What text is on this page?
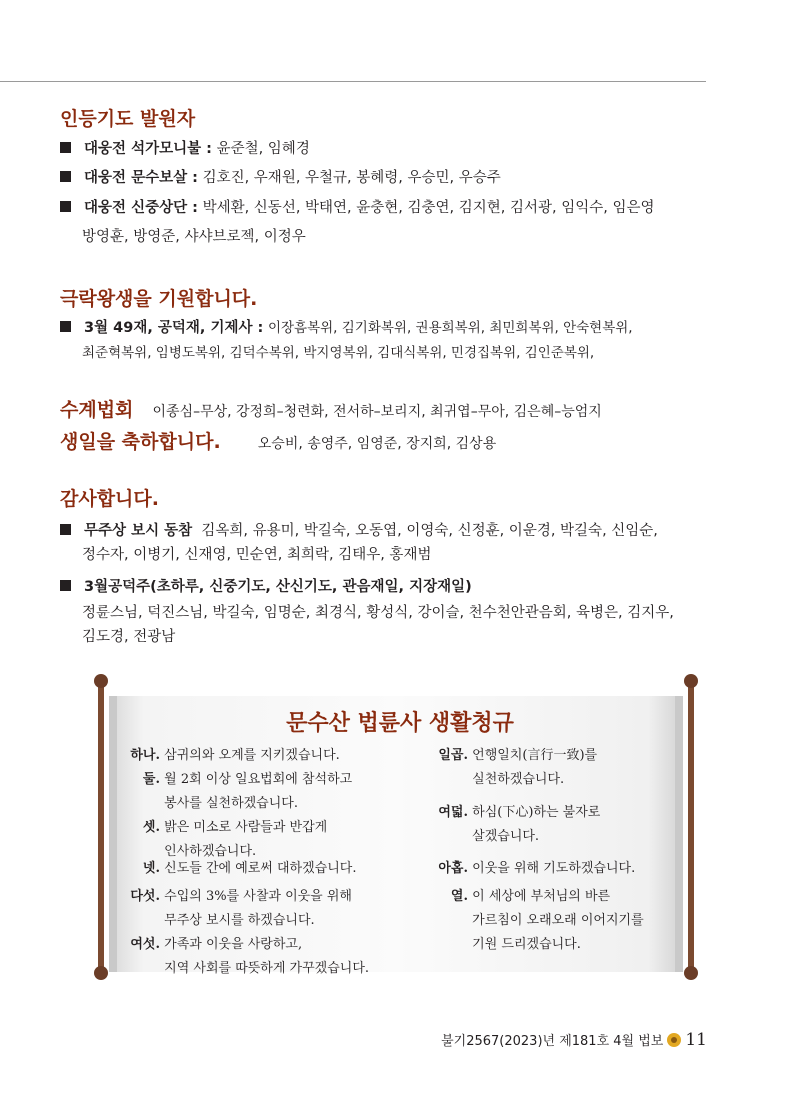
인등기도 발원자
대웅전 석가모니불 : 윤준철, 임혜경
대웅전 문수보살 : 김호진, 우재원, 우철규, 봉혜령, 우승민, 우승주
대웅전 신중상단 : 박세환, 신동선, 박태연, 윤충현, 김충연, 김지현, 김서광, 임익수, 임은영
방영훈, 방영준, 샤샤브로젝, 이정우
극락왕생을 기원합니다.
3월 49재, 공덕재, 기제사 : 이장흠복위, 김기화복위, 권용희복위, 최민희복위, 안숙현복위,
최준혁복위, 임병도복위, 김덕수복위, 박지영복위, 김대식복위, 민경집복위, 김인준복위,
수계법회 이종심–무상, 강정희–청련화, 전서하–보리지, 최귀엽–무아, 김은혜–능엄지
생일을 축하합니다.	오승비, 송영주, 임영준, 장지희, 김상용
감사합니다.
무주상 보시 동참 김옥희, 유용미, 박길숙, 오동엽, 이영숙, 신정훈, 이운경, 박길숙, 신임순,
정수자, 이병기, 신재영, 민순연, 최희락, 김태우, 홍재범
3월공덕주(초하루, 신중기도, 산신기도, 관음재일, 지장재일)
정륜스님, 덕진스님, 박길숙, 임명순, 최경식, 황성식, 강이슬, 천수천안관음회, 육병은, 김지우,
김도경, 전광남
문수산 법륜사 생활청규
하나. 삼귀의와 오계를 지키겠습니다.
둘. 월 2회 이상 일요법회에 참석하고
봉사를 실천하겠습니다.
셋. 밝은 미소로 사람들과 반갑게
인사하겠습니다.
넷. 신도들 간에 예로써 대하겠습니다.
다섯. 수입의 3%를 사찰과 이웃을 위해
무주상 보시를 하겠습니다.
여섯. 가족과 이웃을 사랑하고,
지역 사회를 따뜻하게 가꾸겠습니다.
일곱. 언행일치(言行一致)를
실천하겠습니다.
여덟. 하심(下心)하는 불자로
살겠습니다.
아홉. 이웃을 위해 기도하겠습니다.
열. 이 세상에 부처님의 바른
가르침이 오래오래 이어지기를
기원 드리겠습니다.
불기2567(2023)년 제181호 4월 법보 11
